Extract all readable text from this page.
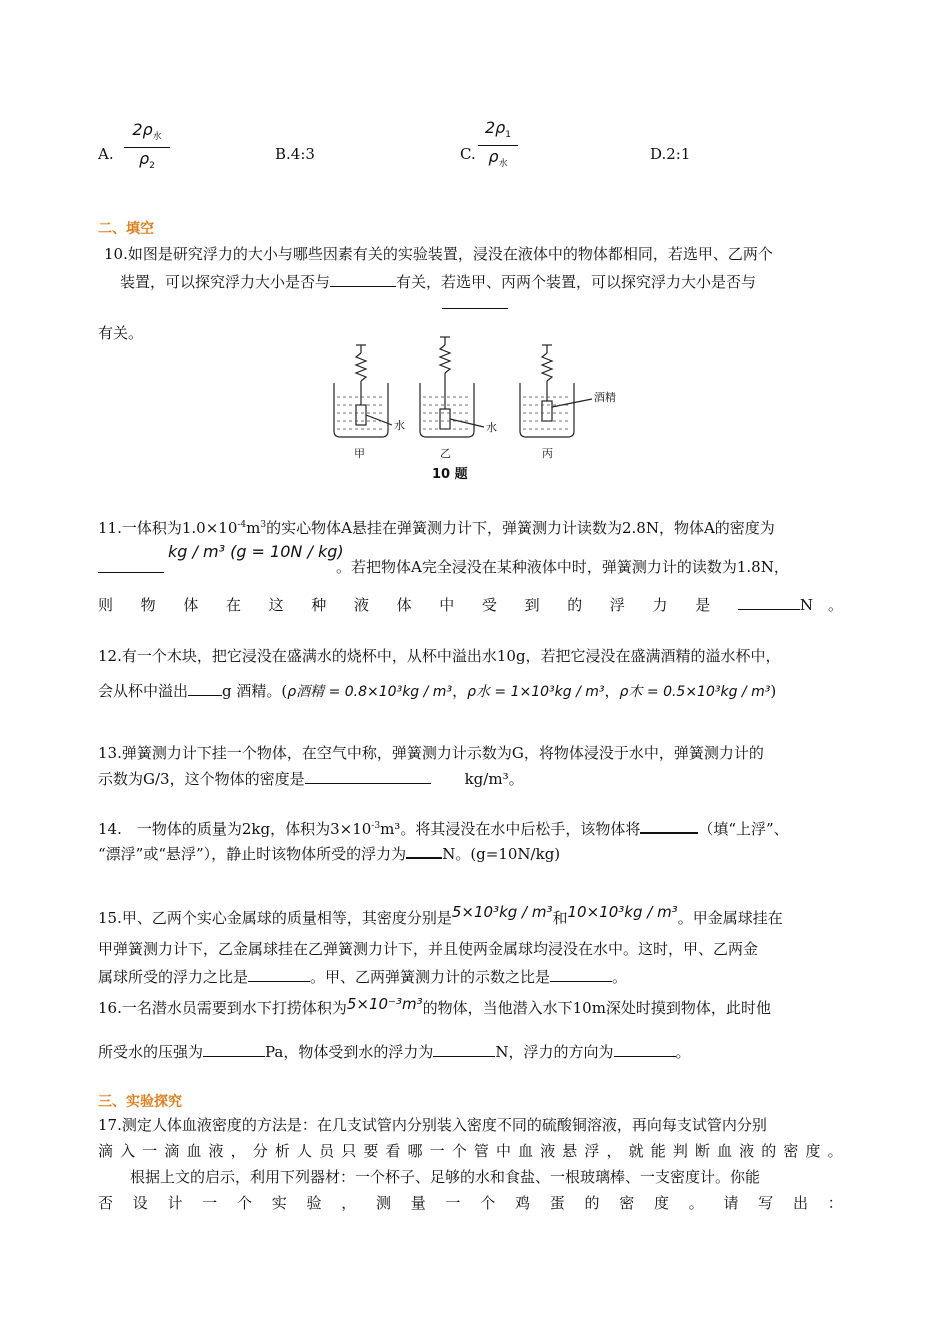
A.
$2\rho_水$
$\rho_2$
B.4:3	C.
$2\rho_1$
$\rho_水$
D.2:1
二、填空
10.如图是研究浮力的大小与哪些因素有关的实验装置，浸没在液体中的物体都相同，若选甲、乙两个
装置，可以探究浮力大小是否与	有关，若选甲、丙两个装置，可以探究浮力大小是否与
有关。
水	水
酒精
甲	乙	丙
10 题
11.一体积为$1.0\times 10^{-4}m^3$的实心物体A悬挂在弹簧测力计下，弹簧测力计读数为2.8N，物体A的密度为
kg / m³ (g = 10N / kg)
。若把物体A完全浸没在某种液体中时，弹簧测力计的读数为1.8N，
则 物 体 在 这 种 液 体 中 受 到 的 浮 力 是	N　。
12.有一个木块，把它浸没在盛满水的烧杯中，从杯中溢出水10g，若把它浸没在盛满酒精的溢水杯中，
会从杯中溢出 g 酒精。(ρ酒精 = 0.8×10³kg / m³，ρ水 = 1×10³kg / m³，ρ木 = 0.5×10³kg / m³)
13.弹簧测力计下挂一个物体，在空气中称，弹簧测力计示数为G，将物体浸没于水中，弹簧测力计的
示数为G/3，这个物体的密度是	kg/m³。
14.　一物体的质量为2kg，体积为$3\times 10^{-3}m^3$。将其浸没在水中后松手，该物体将	（填“上浮”、
“漂浮”或“悬浮”），静止时该物体所受的浮力为 N。(g=10N/kg)
15.甲、乙两个实心金属球的质量相等，其密度分别是5×10³kg / m³和10×10³kg / m³。甲金属球挂在
甲弹簧测力计下，乙金属球挂在乙弹簧测力计下，并且使两金属球均浸没在水中。这时，甲、乙两金
属球所受的浮力之比是	。甲、乙两弹簧测力计的示数之比是	。
16.一名潜水员需要到水下打捞体积为5×10⁻³m³的物体，当他潜入水下10m深处时摸到物体，此时他
所受水的压强为	Pa，物体受到水的浮力为	N，浮力的方向为	。
三、实验探究
17.测定人体血液密度的方法是：在几支试管内分别装入密度不同的硫酸铜溶液，再向每支试管内分别
滴 入 一 滴 血 液 ， 分 析 人 员 只 要 看 哪 一 个 管 中 血 液 悬 浮 ， 就 能 判 断 血 液 的 密 度 。
根据上文的启示，利用下列器材：一个杯子、足够的水和食盐、一根玻璃棒、一支密度计。你能
否 设 计 一 个 实 验 ， 测 量 一 个 鸡 蛋 的 密 度 。 请 写 出 ：
